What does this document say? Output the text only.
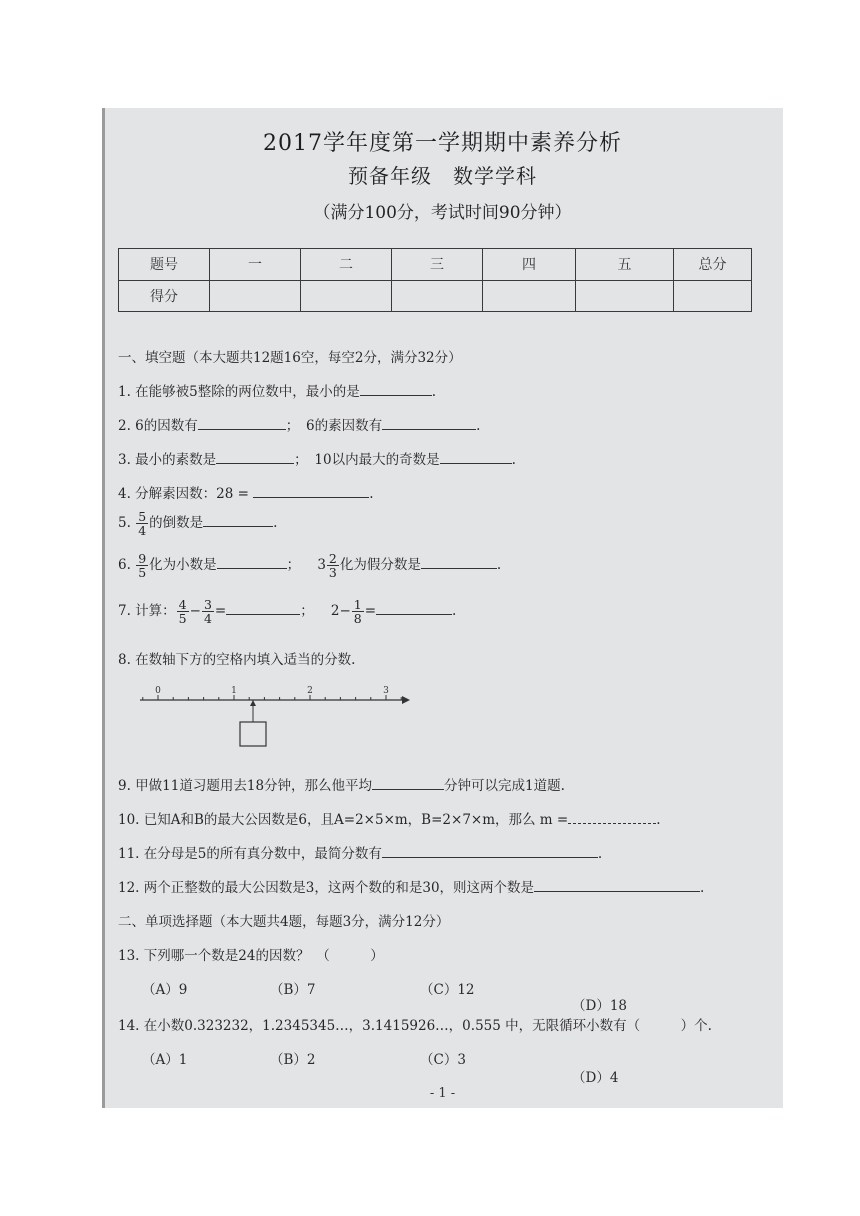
2017学年度第一学期期中素养分析
预备年级　数学学科
（满分100分，考试时间90分钟）
题号	一	二	三	四	五	总分
得分						
一、填空题（本大题共12题16空，每空2分，满分32分）
1. 在能够被5整除的两位数中，最小的是	.
2. 6的因数有	；　6的素因数有	.
3. 最小的素数是	；　10以内最大的奇数是	.
4. 分解素因数：28 =	.
5. $\frac{5}{4}$ 的倒数是	.
6. $\frac{9}{5}$ 化为小数是	； $3 \frac{2}{3}$ 化为假分数是	.
7. 计算： $\frac{4}{5} - \frac{3}{4}$ =	； $2- \frac{1}{8}$ =	.
8. 在数轴下方的空格内填入适当的分数.
0	1	2	3
9. 甲做11道习题用去18分钟，那么他平均	分钟可以完成1道题.
10. 已知A和B的最大公因数是6，且A=2×5×m，B=2×7×m，那么 m =	.
11. 在分母是5的所有真分数中，最简分数有	.
12. 两个正整数的最大公因数是3，这两个数的和是30，则这两个数是	.
二、单项选择题（本大题共4题，每题3分，满分12分）
13. 下列哪一个数是24的因数？　（　　　）
（A）9	（B）7	（C）12
（D）18
14. 在小数0.323232，1.2345345…，3.1415926…，0.555 中，无限循环小数有（　　　）个.
（A）1	（B）2	（C）3
（D）4
- 1 -
